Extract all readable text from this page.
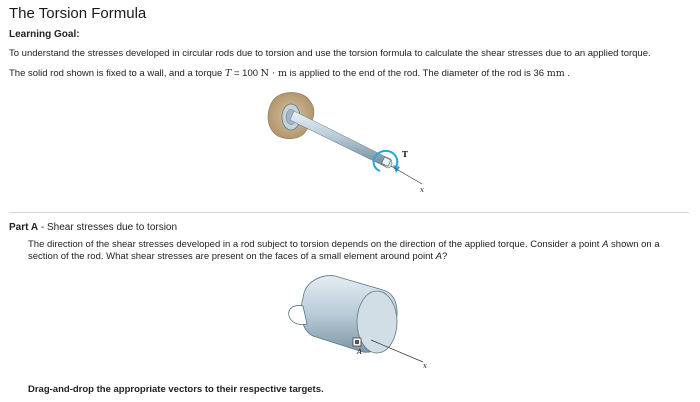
The Torsion Formula
Learning Goal:
To understand the stresses developed in circular rods due to torsion and use the torsion formula to calculate the shear stresses due to an applied torque.
The solid rod shown is fixed to a wall, and a torque T = 100 N · m is applied to the end of the rod. The diameter of the rod is 36 mm .
T
x
Part A - Shear stresses due to torsion
The direction of the shear stresses developed in a rod subject to torsion depends on the direction of the applied torque. Consider a point A shown on a section of the rod. What shear stresses are present on the faces of a small element around point A?
A
x
Drag-and-drop the appropriate vectors to their respective targets.
